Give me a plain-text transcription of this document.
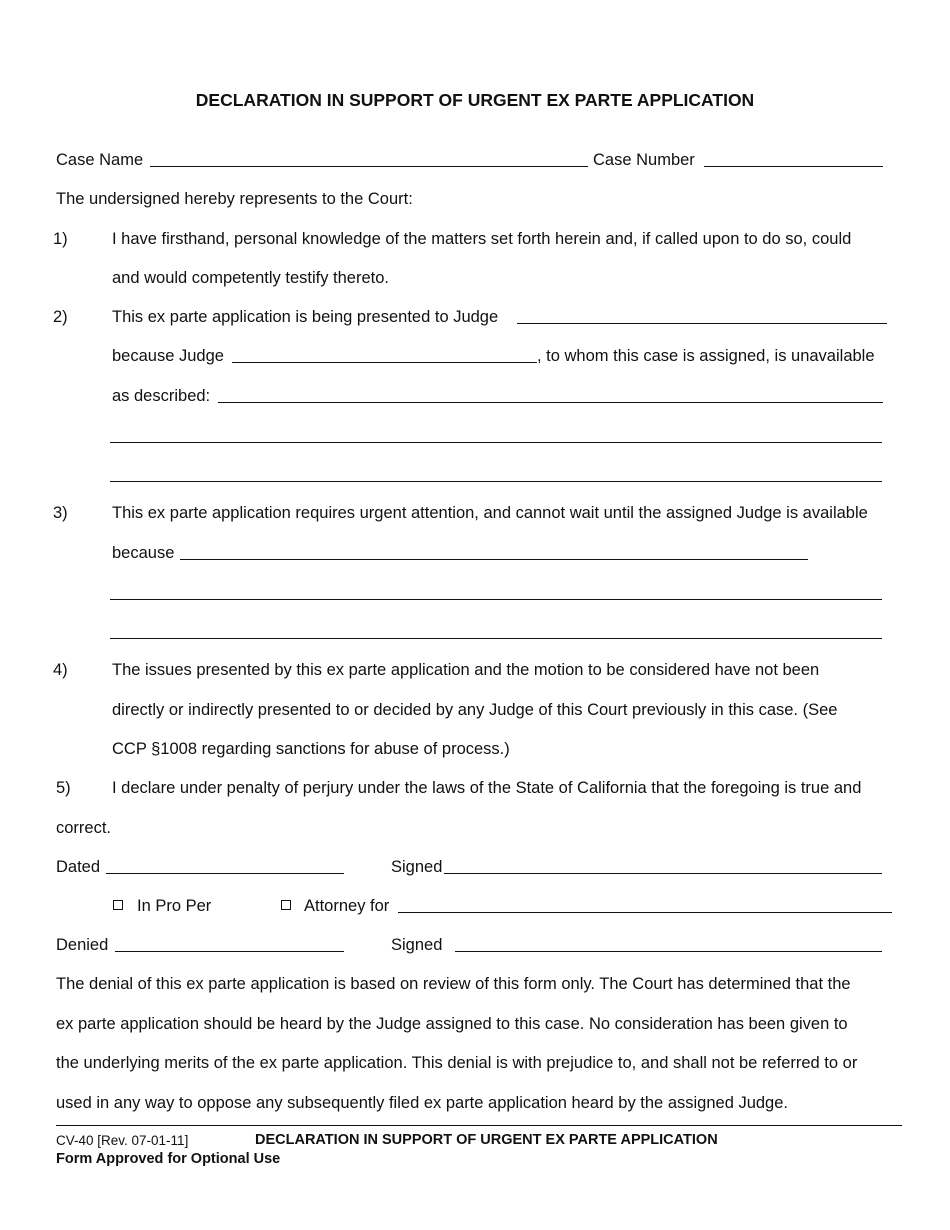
DECLARATION IN SUPPORT OF URGENT EX PARTE APPLICATION
Case Name	Case Number
The undersigned hereby represents to the Court:
1)	I have firsthand, personal knowledge of the matters set forth herein and, if called upon to do so, could
and would competently testify thereto.
2)	This ex parte application is being presented to Judge
because Judge	, to whom this case is assigned, is unavailable
as described:
3)	This ex parte application requires urgent attention, and cannot wait until the assigned Judge is available
because
4)	The issues presented by this ex parte application and the motion to be considered have not been
directly or indirectly presented to or decided by any Judge of this Court previously in this case. (See
CCP §1008 regarding sanctions for abuse of process.)
5)	I declare under penalty of perjury under the laws of the State of California that the foregoing is true and
correct.
Dated	Signed
In Pro Per	Attorney for
Denied	Signed
The denial of this ex parte application is based on review of this form only. The Court has determined that the
ex parte application should be heard by the Judge assigned to this case. No consideration has been given to
the underlying merits of the ex parte application. This denial is with prejudice to, and shall not be referred to or
used in any way to oppose any subsequently filed ex parte application heard by the assigned Judge.
CV-40 [Rev. 07-01-11]	DECLARATION IN SUPPORT OF URGENT EX PARTE APPLICATION
Form Approved for Optional Use
